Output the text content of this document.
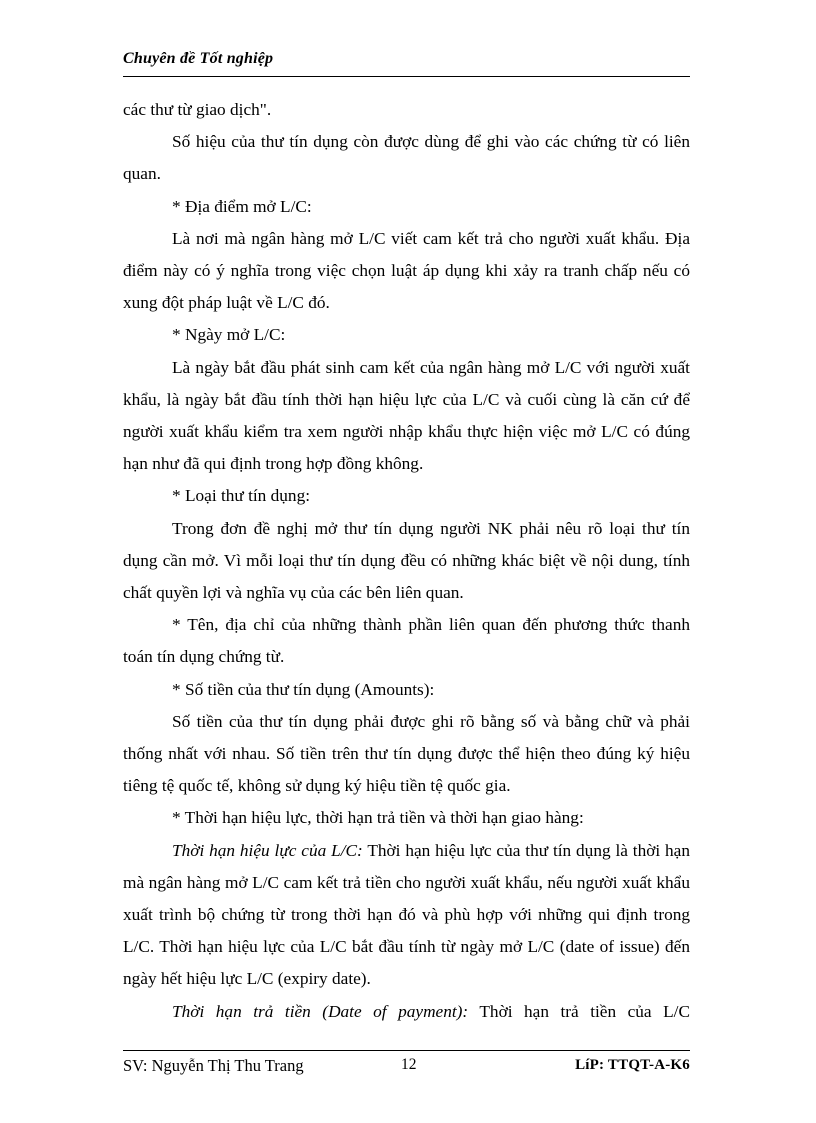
Chuyên đề Tốt nghiệp

các thư từ giao dịch".

Số hiệu của thư tín dụng còn được dùng để ghi vào các chứng từ có liên quan.

* Địa điểm mở L/C:

Là nơi mà ngân hàng mở L/C viết cam kết trả cho người xuất khẩu. Địa điểm này có ý nghĩa trong việc chọn luật áp dụng khi xảy ra tranh chấp nếu có xung đột pháp luật về L/C đó.

* Ngày mở L/C:

Là ngày bắt đầu phát sinh cam kết của ngân hàng mở L/C với người xuất khẩu, là ngày bắt đầu tính thời hạn hiệu lực của L/C và cuối cùng là căn cứ để người xuất khẩu kiểm tra xem người nhập khẩu thực hiện việc mở L/C có đúng hạn như đã qui định trong hợp đồng không.

* Loại thư tín dụng:

Trong đơn đề nghị mở thư tín dụng người NK phải nêu rõ loại thư tín dụng cần mở. Vì mỗi loại thư tín dụng đều có những khác biệt về nội dung, tính chất quyền lợi và nghĩa vụ của các bên liên quan.

* Tên, địa chỉ của những thành phần liên quan đến phương thức thanh toán tín dụng chứng từ.

* Số tiền của thư tín dụng (Amounts):

Số tiền của thư tín dụng phải được ghi rõ bằng số và bằng chữ và phải thống nhất với nhau. Số tiền trên thư tín dụng được thể hiện theo đúng ký hiệu tiêng tệ quốc tế, không sử dụng ký hiệu tiền tệ quốc gia.

* Thời hạn hiệu lực, thời hạn trả tiền và thời hạn giao hàng:

Thời hạn hiệu lực của L/C: Thời hạn hiệu lực của thư tín dụng là thời hạn mà ngân hàng mở L/C cam kết trả tiền cho người xuất khẩu, nếu người xuất khẩu xuất trình bộ chứng từ trong thời hạn đó và phù hợp với những qui định trong L/C. Thời hạn hiệu lực của L/C bắt đầu tính từ ngày mở L/C (date of issue) đến ngày hết hiệu lực L/C (expiry date).

Thời hạn trả tiền (Date of payment): Thời hạn trả tiền của L/C

SV: Nguyễn Thị Thu Trang	12	LíP: TTQT-A-K6
